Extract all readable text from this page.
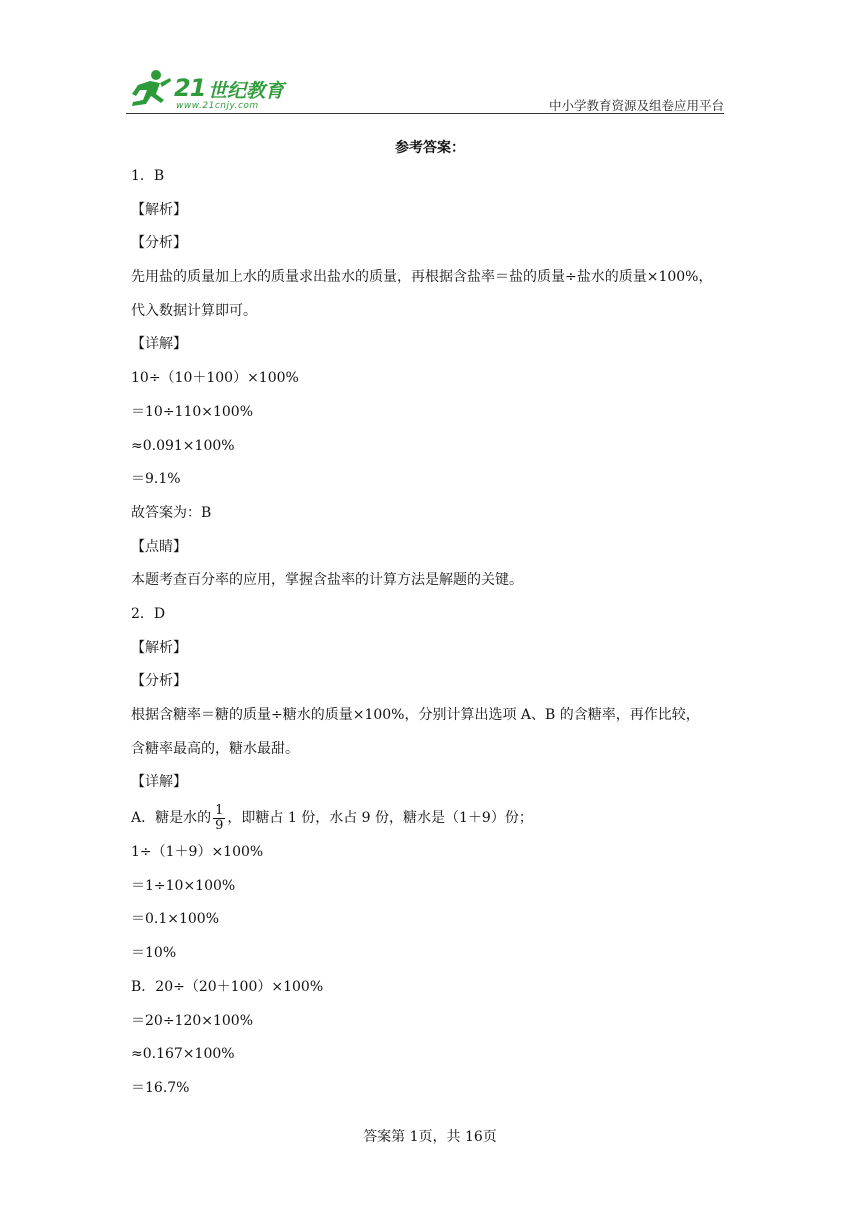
21 世纪教育
www.21cnjy.com	中小学教育资源及组卷应用平台
参考答案：
1．B
【解析】
【分析】
先用盐的质量加上水的质量求出盐水的质量，再根据含盐率＝盐的质量÷盐水的质量×100%，
代入数据计算即可。
【详解】
10÷（10＋100）×100%
＝10÷110×100%
≈0.091×100%
＝9.1%
故答案为：B
【点睛】
本题考查百分率的应用，掌握含盐率的计算方法是解题的关键。
2．D
【解析】
【分析】
根据含糖率＝糖的质量÷糖水的质量×100%，分别计算出选项 A、B 的含糖率，再作比较，
含糖率最高的，糖水最甜。
【详解】
A．糖是水的 $\frac{1}{9}$ ，即糖占 1 份，水占 9 份，糖水是（1＋9）份；
1÷（1＋9）×100%
＝1÷10×100%
＝0.1×100%
＝10%
B．20÷（20＋100）×100%
＝20÷120×100%
≈0.167×100%
＝16.7%
答案第 1页，共 16页
